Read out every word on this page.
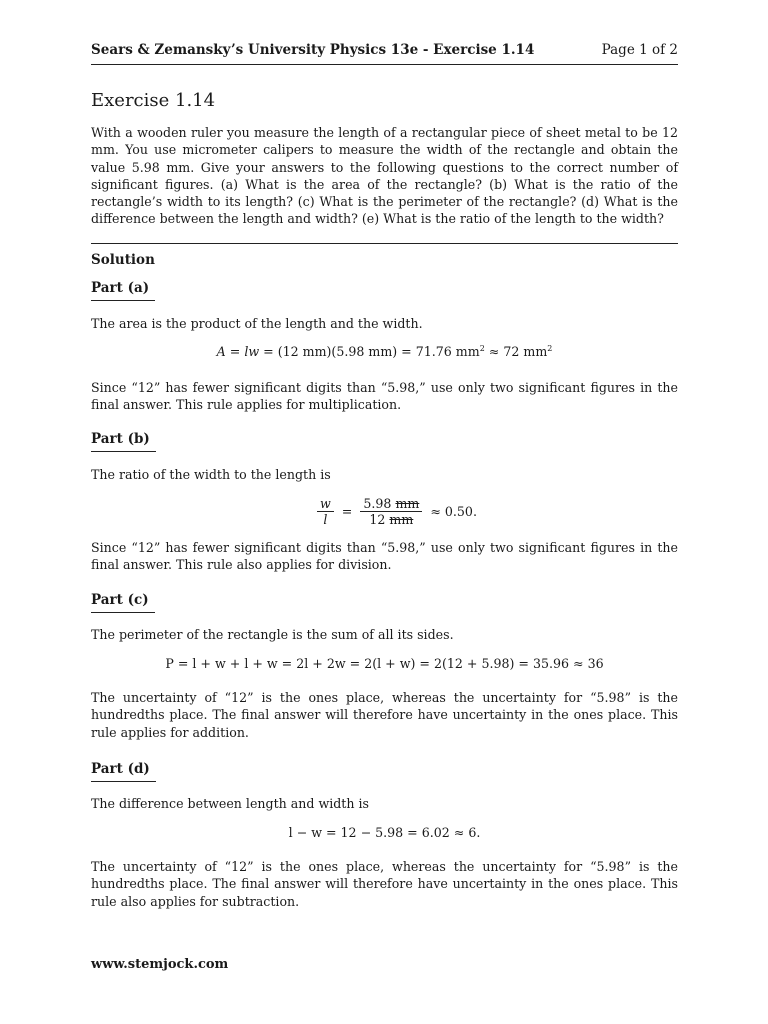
Sears & Zemansky’s University Physics 13e - Exercise 1.14	Page 1 of 2
Exercise 1.14

With a wooden ruler you measure the length of a rectangular piece of sheet metal to be 12 mm. You use micrometer calipers to measure the width of the rectangle and obtain the value 5.98 mm. Give your answers to the following questions to the correct number of significant figures. (a) What is the area of the rectangle? (b) What is the ratio of the rectangle’s width to its length? (c) What is the perimeter of the rectangle? (d) What is the difference between the length and width? (e) What is the ratio of the length to the width?

Solution
Part (a)

The area is the product of the length and the width.

A = lw = (12 mm)(5.98 mm) = 71.76 $mm^2 \approx 72$ $mm^2$

Since “12” has fewer significant digits than “5.98,” use only two significant figures in the final answer. This rule applies for multiplication.

Part (b)

The ratio of the width to the length is

$\frac{w}{l} = \frac{5.98 mm}{12 mm} \approx 0.50$.

Since “12” has fewer significant digits than “5.98,” use only two significant figures in the final answer. This rule also applies for division.

Part (c)

The perimeter of the rectangle is the sum of all its sides.

P = l + w + l + w = 2l + 2w = 2(l + w) = 2(12 + 5.98) = 35.96 ≈ 36

The uncertainty of “12” is the ones place, whereas the uncertainty for “5.98” is the hundredths place. The final answer will therefore have uncertainty in the ones place. This rule applies for addition.

Part (d)

The difference between length and width is

l − w = 12 − 5.98 = 6.02 ≈ 6.

The uncertainty of “12” is the ones place, whereas the uncertainty for “5.98” is the hundredths place. The final answer will therefore have uncertainty in the ones place. This rule also applies for subtraction.

www.stemjock.com
